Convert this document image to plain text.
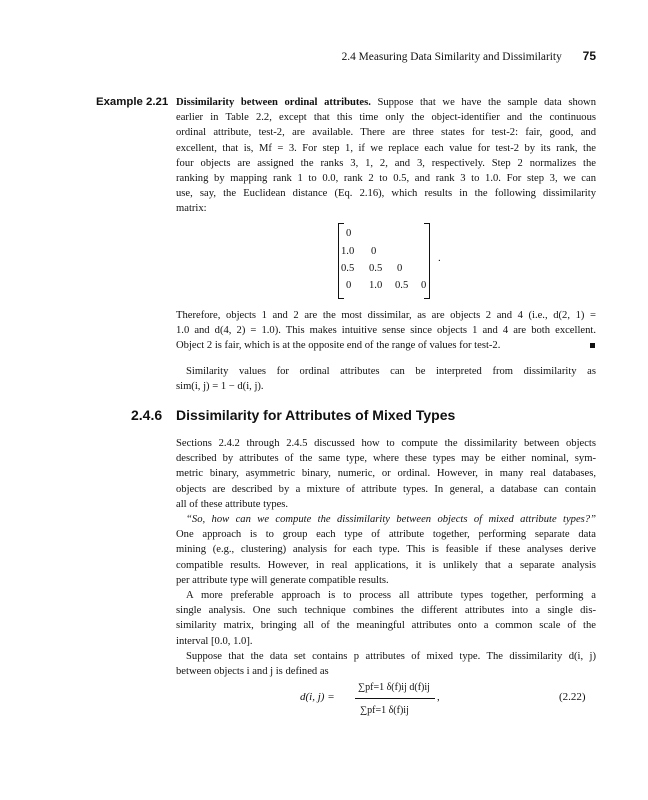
2.4 Measuring Data Similarity and Dissimilarity 75
Example 2.21 Dissimilarity between ordinal attributes. Suppose that we have the sample data shown
earlier in Table 2.2, except that this time only the object-identifier and the continuous
ordinal attribute, test-2, are available. There are three states for test-2: fair, good, and
excellent, that is, Mf = 3. For step 1, if we replace each value for test-2 by its rank, the
four objects are assigned the ranks 3, 1, 2, and 3, respectively. Step 2 normalizes the
ranking by mapping rank 1 to 0.0, rank 2 to 0.5, and rank 3 to 1.0. For step 3, we can
use, say, the Euclidean distance (Eq. 2.16), which results in the following dissimilarity
matrix:
0
1.0 0
0.5 0.5 0
0 1.0 0.5 0
.
Therefore, objects 1 and 2 are the most dissimilar, as are objects 2 and 4 (i.e., d(2, 1) =
1.0 and d(4, 2) = 1.0). This makes intuitive sense since objects 1 and 4 are both excellent.
Object 2 is fair, which is at the opposite end of the range of values for test-2.
Similarity values for ordinal attributes can be interpreted from dissimilarity as
sim(i, j) = 1 − d(i, j).
2.4.6 Dissimilarity for Attributes of Mixed Types
Sections 2.4.2 through 2.4.5 discussed how to compute the dissimilarity between objects
described by attributes of the same type, where these types may be either nominal, sym-
metric binary, asymmetric binary, numeric, or ordinal. However, in many real databases,
objects are described by a mixture of attribute types. In general, a database can contain
all of these attribute types.
“So, how can we compute the dissimilarity between objects of mixed attribute types?”
One approach is to group each type of attribute together, performing separate data
mining (e.g., clustering) analysis for each type. This is feasible if these analyses derive
compatible results. However, in real applications, it is unlikely that a separate analysis
per attribute type will generate compatible results.
A more preferable approach is to process all attribute types together, performing a
single analysis. One such technique combines the different attributes into a single dis-
similarity matrix, bringing all of the meaningful attributes onto a common scale of the
interval [0.0, 1.0].
Suppose that the data set contains p attributes of mixed type. The dissimilarity d(i, j)
between objects i and j is defined as
d(i, j) =
∑pf=1 δ(f)ij d(f)ij
∑pf=1 δ(f)ij
,	(2.22)
